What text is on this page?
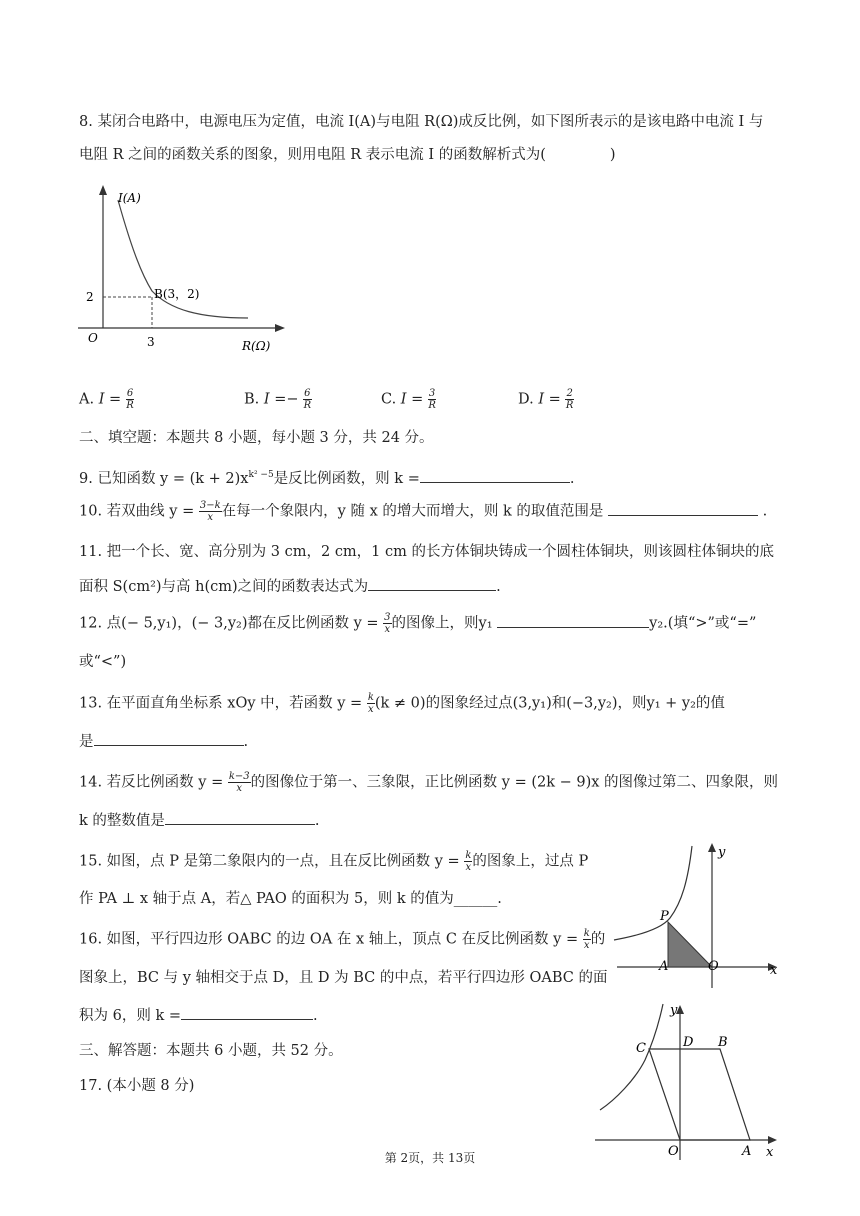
8. 某闭合电路中，电源电压为定值，电流 I(A)与电阻 R(Ω)成反比例，如下图所表示的是该电路中电流 I 与
电阻 R 之间的函数关系的图象，则用电阻 R 表示电流 I 的函数解析式为(	)
I(A)
R(Ω)
O
2
3
B(3，2)
A. $I = \frac{6}{R}$	B. $I =- \frac{6}{R}$	C. $I = \frac{3}{R}$	D. $I = \frac{2}{R}$
二、填空题：本题共 8 小题，每小题 3 分，共 24 分。
9. 已知函数 $y = (k + 2)x^{k^2 -5}$是反比例函数，则 k =	.
10. 若双曲线 $y = \frac{3-k}{x}$ 在每一个象限内，y 随 x 的增大而增大，则 k 的取值范围是	.
11. 把一个长、宽、高分别为 3 cm，2 cm，1 cm 的长方体铜块铸成一个圆柱体铜块，则该圆柱体铜块的底
面积 S(cm²)与高 h(cm)之间的函数表达式为	.
12. 点(− 5,y₁)，(− 3,y₂)都在反比例函数 $y = \frac{3}{x}$ 的图像上，则y₁	y₂.(填“>”或“=”
或“<”)
13. 在平面直角坐标系 xOy 中，若函数 $y = \frac{k}{x} (k \ne 0)$的图象经过点(3,y₁)和(−3,y₂)，则y₁ + y₂的值
是	.
14. 若反比例函数 $y = \frac{k-3}{x}$ 的图像位于第一、三象限，正比例函数 y = (2k − 9)x 的图像过第二、四象限，则
k 的整数值是	.
15. 如图，点 P 是第二象限内的一点，且在反比例函数 $y = \frac{k}{x}$ 的图象上，过点 P
作 PA ⊥ x 轴于点 A，若△ PAO 的面积为 5，则 k 的值为______.
y
x
P
A	O
16. 如图，平行四边形 OABC 的边 OA 在 x 轴上，顶点 C 在反比例函数 $y = \frac{k}{x}$ 的
图象上，BC 与 y 轴相交于点 D，且 D 为 BC 的中点，若平行四边形 OABC 的面
积为 6，则 k =	.	y
x
C	D B
O	A
三、解答题：本题共 6 小题，共 52 分。
17. (本小题 8 分)
第 2页，共 13页
